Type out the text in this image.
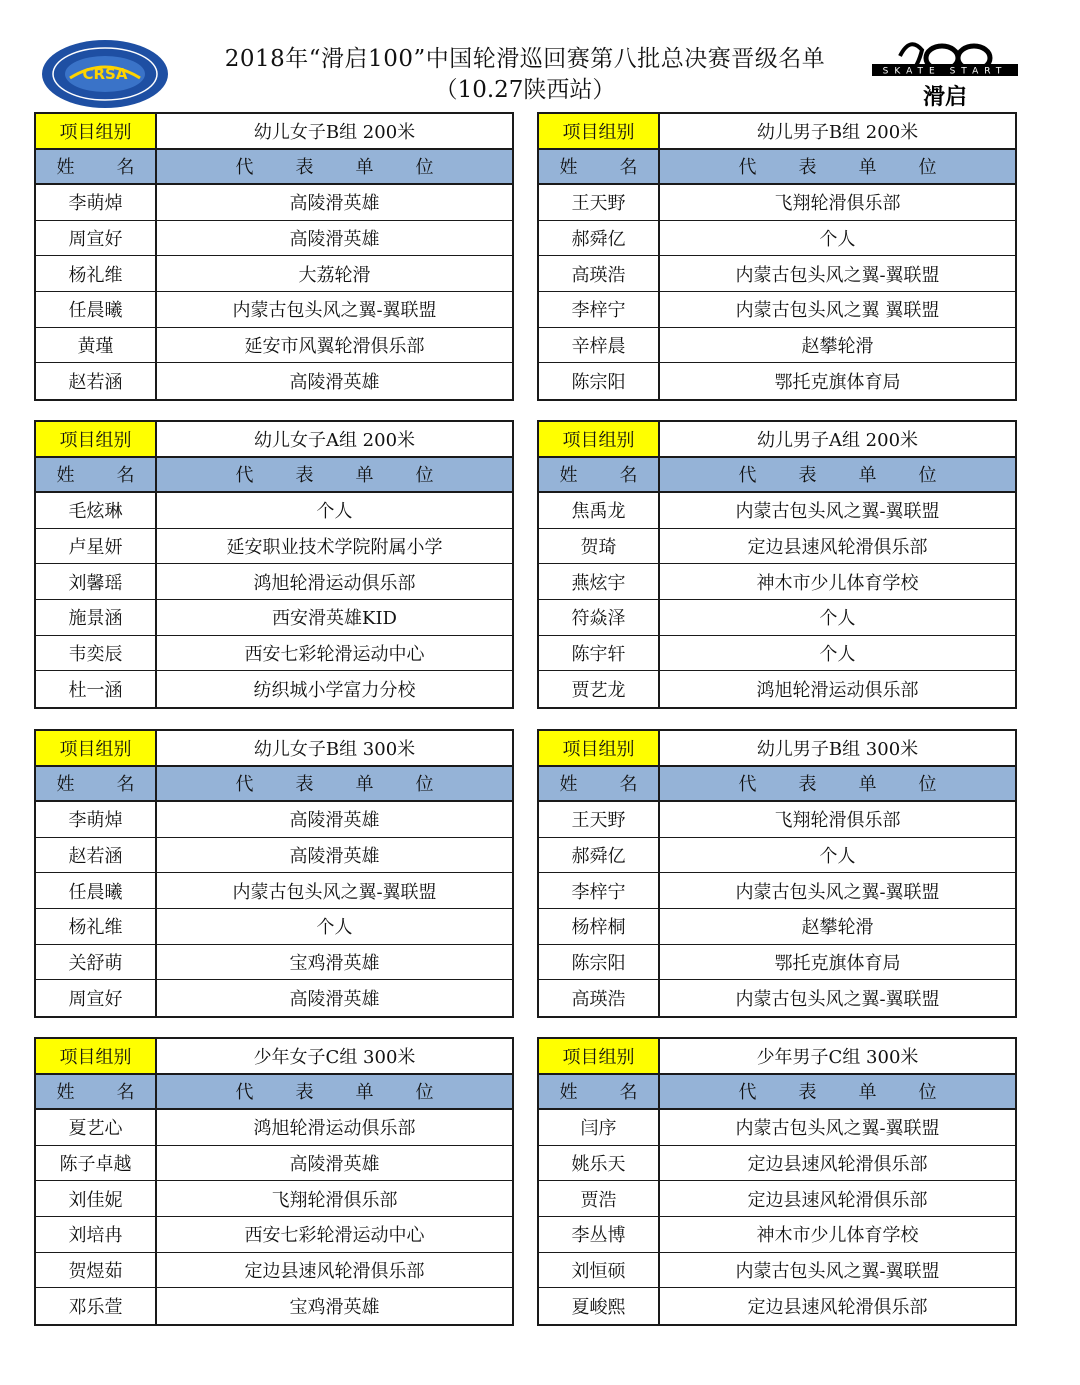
CRSA
2018年“滑启100”中国轮滑巡回赛第八批总决赛晋级名单
（10.27陕西站）
SKATE START
滑启
项目组别	幼儿女子B组 200米
姓　名	代　表　单　位
李萌焯	高陵滑英雄
周宣好	高陵滑英雄
杨礼维	大荔轮滑
任晨曦	内蒙古包头风之翼-翼联盟
黄瑾	延安市风翼轮滑俱乐部
赵若涵	高陵滑英雄
项目组别	幼儿男子B组 200米
姓　名	代　表　单　位
王天野	飞翔轮滑俱乐部
郝舜亿	个人
高瑛浩	内蒙古包头风之翼-翼联盟
李梓宁	内蒙古包头风之翼 翼联盟
辛梓晨	赵攀轮滑
陈宗阳	鄂托克旗体育局
项目组别	幼儿女子A组 200米
姓　名	代　表　单　位
毛炫琳	个人
卢星妍	延安职业技术学院附属小学
刘馨瑶	鸿旭轮滑运动俱乐部
施景涵	西安滑英雄KID
韦奕辰	西安七彩轮滑运动中心
杜一涵	纺织城小学富力分校
项目组别	幼儿男子A组 200米
姓　名	代　表　单　位
焦禹龙	内蒙古包头风之翼-翼联盟
贺琦	定边县速风轮滑俱乐部
燕炫宇	神木市少儿体育学校
符焱泽	个人
陈宇轩	个人
贾艺龙	鸿旭轮滑运动俱乐部
项目组别	幼儿女子B组 300米
姓　名	代　表　单　位
李萌焯	高陵滑英雄
赵若涵	高陵滑英雄
任晨曦	内蒙古包头风之翼-翼联盟
杨礼维	个人
关舒萌	宝鸡滑英雄
周宣好	高陵滑英雄
项目组别	幼儿男子B组 300米
姓　名	代　表　单　位
王天野	飞翔轮滑俱乐部
郝舜亿	个人
李梓宁	内蒙古包头风之翼-翼联盟
杨梓桐	赵攀轮滑
陈宗阳	鄂托克旗体育局
高瑛浩	内蒙古包头风之翼-翼联盟
项目组别	少年女子C组 300米
姓　名	代　表　单　位
夏艺心	鸿旭轮滑运动俱乐部
陈子卓越	高陵滑英雄
刘佳妮	飞翔轮滑俱乐部
刘培冉	西安七彩轮滑运动中心
贺煜茹	定边县速风轮滑俱乐部
邓乐萱	宝鸡滑英雄
项目组别	少年男子C组 300米
姓　名	代　表　单　位
闫序	内蒙古包头风之翼-翼联盟
姚乐天	定边县速风轮滑俱乐部
贾浩	定边县速风轮滑俱乐部
李丛博	神木市少儿体育学校
刘恒硕	内蒙古包头风之翼-翼联盟
夏峻熙	定边县速风轮滑俱乐部
